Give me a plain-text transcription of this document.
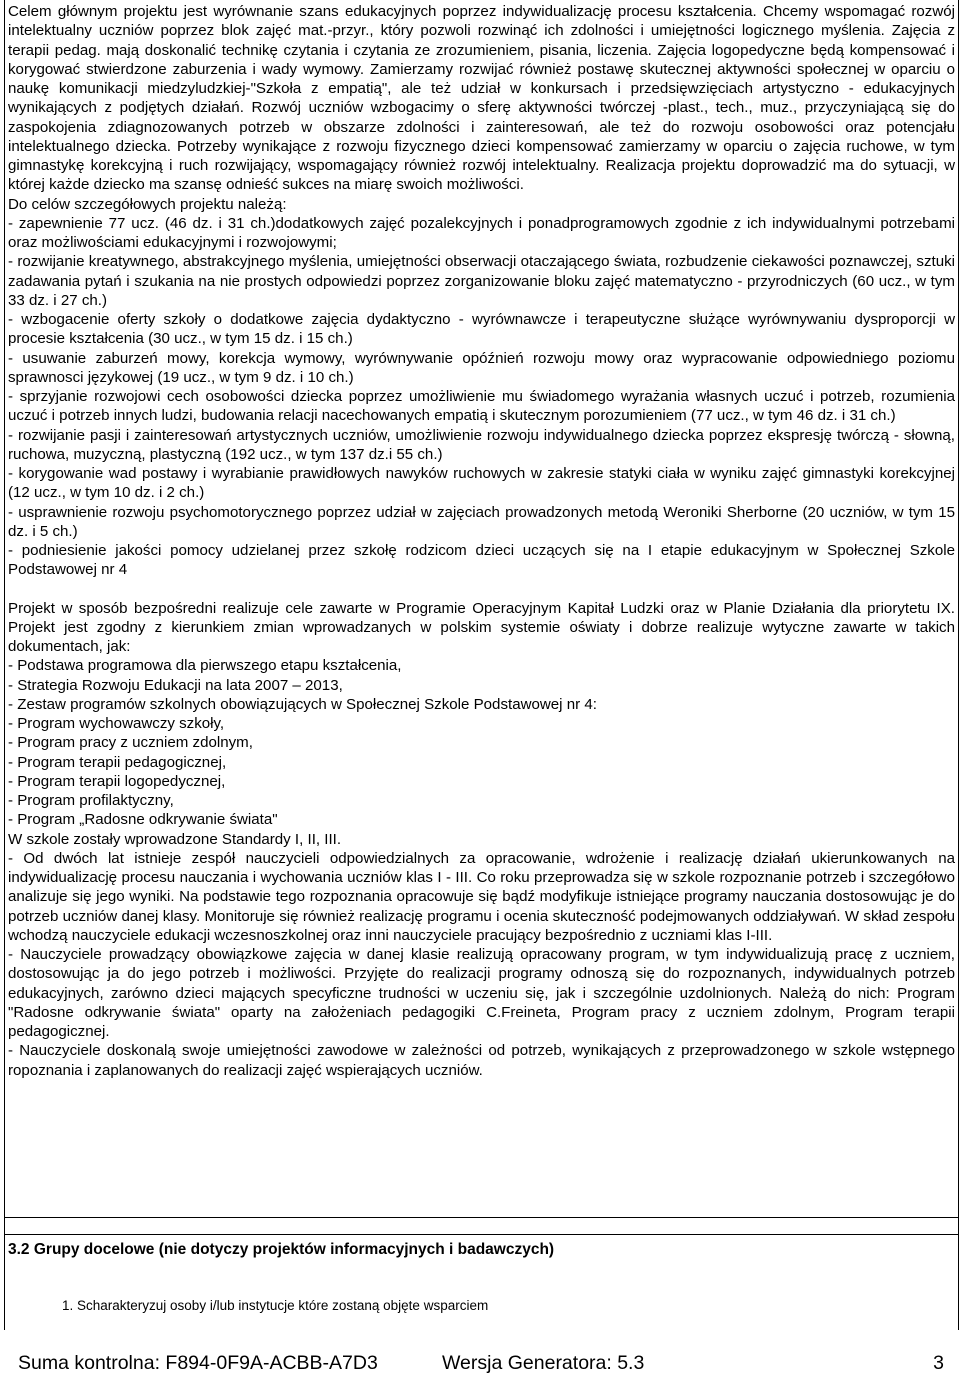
Celem głównym projektu jest wyrównanie szans edukacyjnych poprzez indywidualizację procesu kształcenia. Chcemy wspomagać rozwój intelektualny uczniów poprzez blok zajęć mat.-przyr., który pozwoli rozwinąć ich zdolności i umiejętności logicznego myślenia. Zajęcia z terapii pedag. mają doskonalić technikę czytania i czytania ze zrozumieniem, pisania, liczenia. Zajęcia logopedyczne będą kompensować i korygować stwierdzone zaburzenia i wady wymowy. Zamierzamy rozwijać również postawę skutecznej aktywności społecznej w oparciu o naukę komunikacji miedzyludzkiej-"Szkoła z empatią", ale też udział w konkursach i przedsięwzięciach artystyczno - edukacyjnych wynikających z podjętych działań. Rozwój uczniów wzbogacimy o sferę aktywności twórczej -plast., tech., muz., przyczyniającą się do zaspokojenia zdiagnozowanych potrzeb w obszarze zdolności i zainteresowań, ale też do rozwoju osobowości oraz potencjału intelektualnego dziecka. Potrzeby wynikające z rozwoju fizycznego dzieci kompensować zamierzamy w oparciu o zajęcia ruchowe, w tym gimnastykę korekcyjną i ruch rozwijający, wspomagający również rozwój intelektualny. Realizacja projektu doprowadzić ma do sytuacji, w której każde dziecko ma szansę odnieść sukces na miarę swoich możliwości.

Do celów szczegółowych projektu należą:

- zapewnienie 77 ucz. (46 dz. i 31 ch.)dodatkowych zajęć pozalekcyjnych i ponadprogramowych zgodnie z ich indywidualnymi potrzebami oraz możliwościami edukacyjnymi i rozwojowymi;

- rozwijanie kreatywnego, abstrakcyjnego myślenia, umiejętności obserwacji otaczającego świata, rozbudzenie ciekawości poznawczej, sztuki zadawania pytań i szukania na nie prostych odpowiedzi poprzez zorganizowanie bloku zajęć matematyczno - przyrodniczych (60 ucz., w tym 33 dz. i 27 ch.)

- wzbogacenie oferty szkoły o dodatkowe zajęcia dydaktyczno - wyrównawcze i terapeutyczne służące wyrównywaniu dysproporcji w procesie kształcenia (30 ucz., w tym 15 dz. i 15 ch.)

- usuwanie zaburzeń mowy, korekcja wymowy, wyrównywanie opóźnień rozwoju mowy oraz wypracowanie odpowiedniego poziomu sprawnosci językowej (19 ucz., w tym 9 dz. i 10 ch.)

- sprzyjanie rozwojowi cech osobowości dziecka poprzez umożliwienie mu świadomego wyrażania własnych uczuć i potrzeb, rozumienia uczuć i potrzeb innych ludzi, budowania relacji nacechowanych empatią i skutecznym porozumieniem (77 ucz., w tym 46 dz. i 31 ch.)

- rozwijanie pasji i zainteresowań artystycznych uczniów, umożliwienie rozwoju indywidualnego dziecka poprzez ekspresję twórczą - słowną, ruchowa, muzyczną, plastyczną (192 ucz., w tym 137 dz.i 55 ch.)

- korygowanie wad postawy i wyrabianie prawidłowych nawyków ruchowych w zakresie statyki ciała w wyniku zajęć gimnastyki korekcyjnej (12 ucz., w tym 10 dz. i 2 ch.)

- usprawnienie rozwoju psychomotorycznego poprzez udział w zajęciach prowadzonych metodą Weroniki Sherborne (20 uczniów, w tym 15 dz. i 5 ch.)

- podniesienie jakości pomocy udzielanej przez szkołę rodzicom dzieci uczących się na I etapie edukacyjnym w Społecznej Szkole Podstawowej nr 4

Projekt w sposób bezpośredni realizuje cele zawarte w Programie Operacyjnym Kapitał Ludzki oraz w Planie Działania dla priorytetu IX. Projekt jest zgodny z kierunkiem zmian wprowadzanych w polskim systemie oświaty i dobrze realizuje wytyczne zawarte w takich dokumentach, jak:

- Podstawa programowa dla pierwszego etapu kształcenia,

- Strategia Rozwoju Edukacji na lata 2007 – 2013,

- Zestaw programów szkolnych obowiązujących w Społecznej Szkole Podstawowej nr 4:

- Program wychowawczy szkoły,

- Program pracy z uczniem zdolnym,

- Program terapii pedagogicznej,

- Program terapii logopedycznej,

- Program profilaktyczny,

- Program „Radosne odkrywanie świata"

W szkole zostały wprowadzone Standardy I, II, III.

- Od dwóch lat istnieje zespół nauczycieli odpowiedzialnych za opracowanie, wdrożenie i realizację działań ukierunkowanych na indywidualizację procesu nauczania i wychowania uczniów klas I - III. Co roku przeprowadza się w szkole rozpoznanie potrzeb i szczegółowo analizuje się jego wyniki. Na podstawie tego rozpoznania opracowuje się bądź modyfikuje istniejące programy nauczania dostosowując je do potrzeb uczniów danej klasy. Monitoruje się również realizację programu i ocenia skuteczność podejmowanych oddziaływań. W skład zespołu wchodzą nauczyciele edukacji wczesnoszkolnej oraz inni nauczyciele pracujący bezpośrednio z uczniami klas I-III.

- Nauczyciele prowadzący obowiązkowe zajęcia w danej klasie realizują opracowany program, w tym indywidualizują pracę z uczniem, dostosowując ja do jego potrzeb i możliwości. Przyjęte do realizacji programy odnoszą się do rozpoznanych, indywidualnych potrzeb edukacyjnych, zarówno dzieci mających specyficzne trudności w uczeniu się, jak i szczególnie uzdolnionych. Należą do nich: Program "Radosne odkrywanie świata" oparty na założeniach pedagogiki C.Freineta, Program pracy z uczniem zdolnym, Program terapii pedagogicznej.

- Nauczyciele doskonalą swoje umiejętności zawodowe w zależności od potrzeb, wynikających z przeprowadzonego w szkole wstępnego ropoznania i zaplanowanych do realizacji zajęć wspierających uczniów.

3.2 Grupy docelowe (nie dotyczy projektów informacyjnych i badawczych)
1. Scharakteryzuj osoby i/lub instytucje które zostaną objęte wsparciem
Suma kontrolna: F894-0F9A-ACBB-A7D3	Wersja Generatora: 5.3	3
